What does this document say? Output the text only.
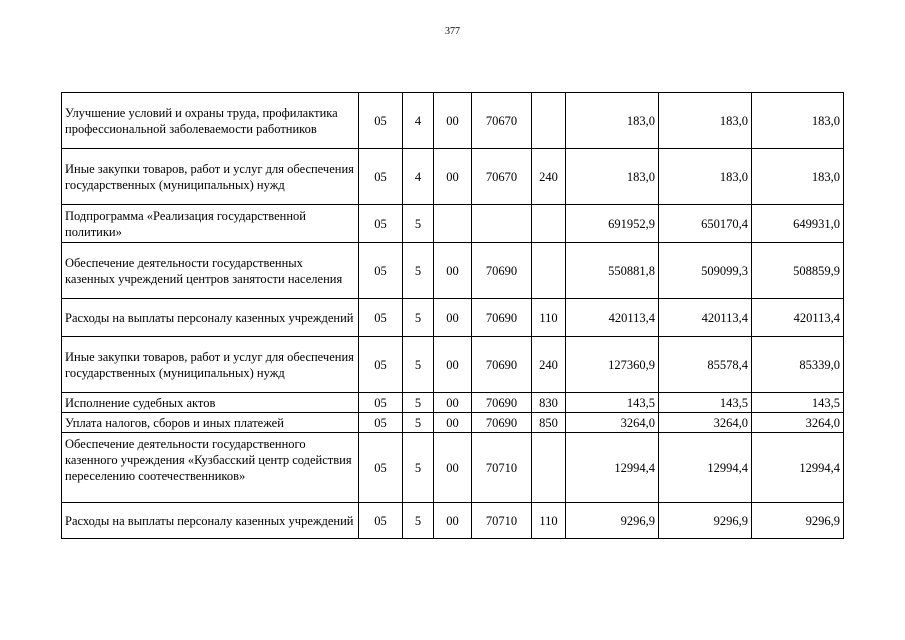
377
Улучшение условий и охраны труда, профилактика профессиональной заболеваемости работников	05	4	00	70670		183,0	183,0	183,0
Иные закупки товаров, работ и услуг для обеспечения государственных (муниципальных) нужд	05	4	00	70670	240	183,0	183,0	183,0
Подпрограмма «Реализация государственной политики»	05	5				691952,9	650170,4	649931,0
Обеспечение деятельности государственных казенных учреждений центров занятости населения	05	5	00	70690		550881,8	509099,3	508859,9
Расходы на выплаты персоналу казенных учреждений	05	5	00	70690	110	420113,4	420113,4	420113,4
Иные закупки товаров, работ и услуг для обеспечения государственных (муниципальных) нужд	05	5	00	70690	240	127360,9	85578,4	85339,0
Исполнение судебных актов	05	5	00	70690	830	143,5	143,5	143,5
Уплата налогов, сборов и иных платежей	05	5	00	70690	850	3264,0	3264,0	3264,0
Обеспечение деятельности государственного казенного учреждения «Кузбасский центр содействия переселению соотечественников»	05	5	00	70710		12994,4	12994,4	12994,4
Расходы на выплаты персоналу казенных учреждений	05	5	00	70710	110	9296,9	9296,9	9296,9
